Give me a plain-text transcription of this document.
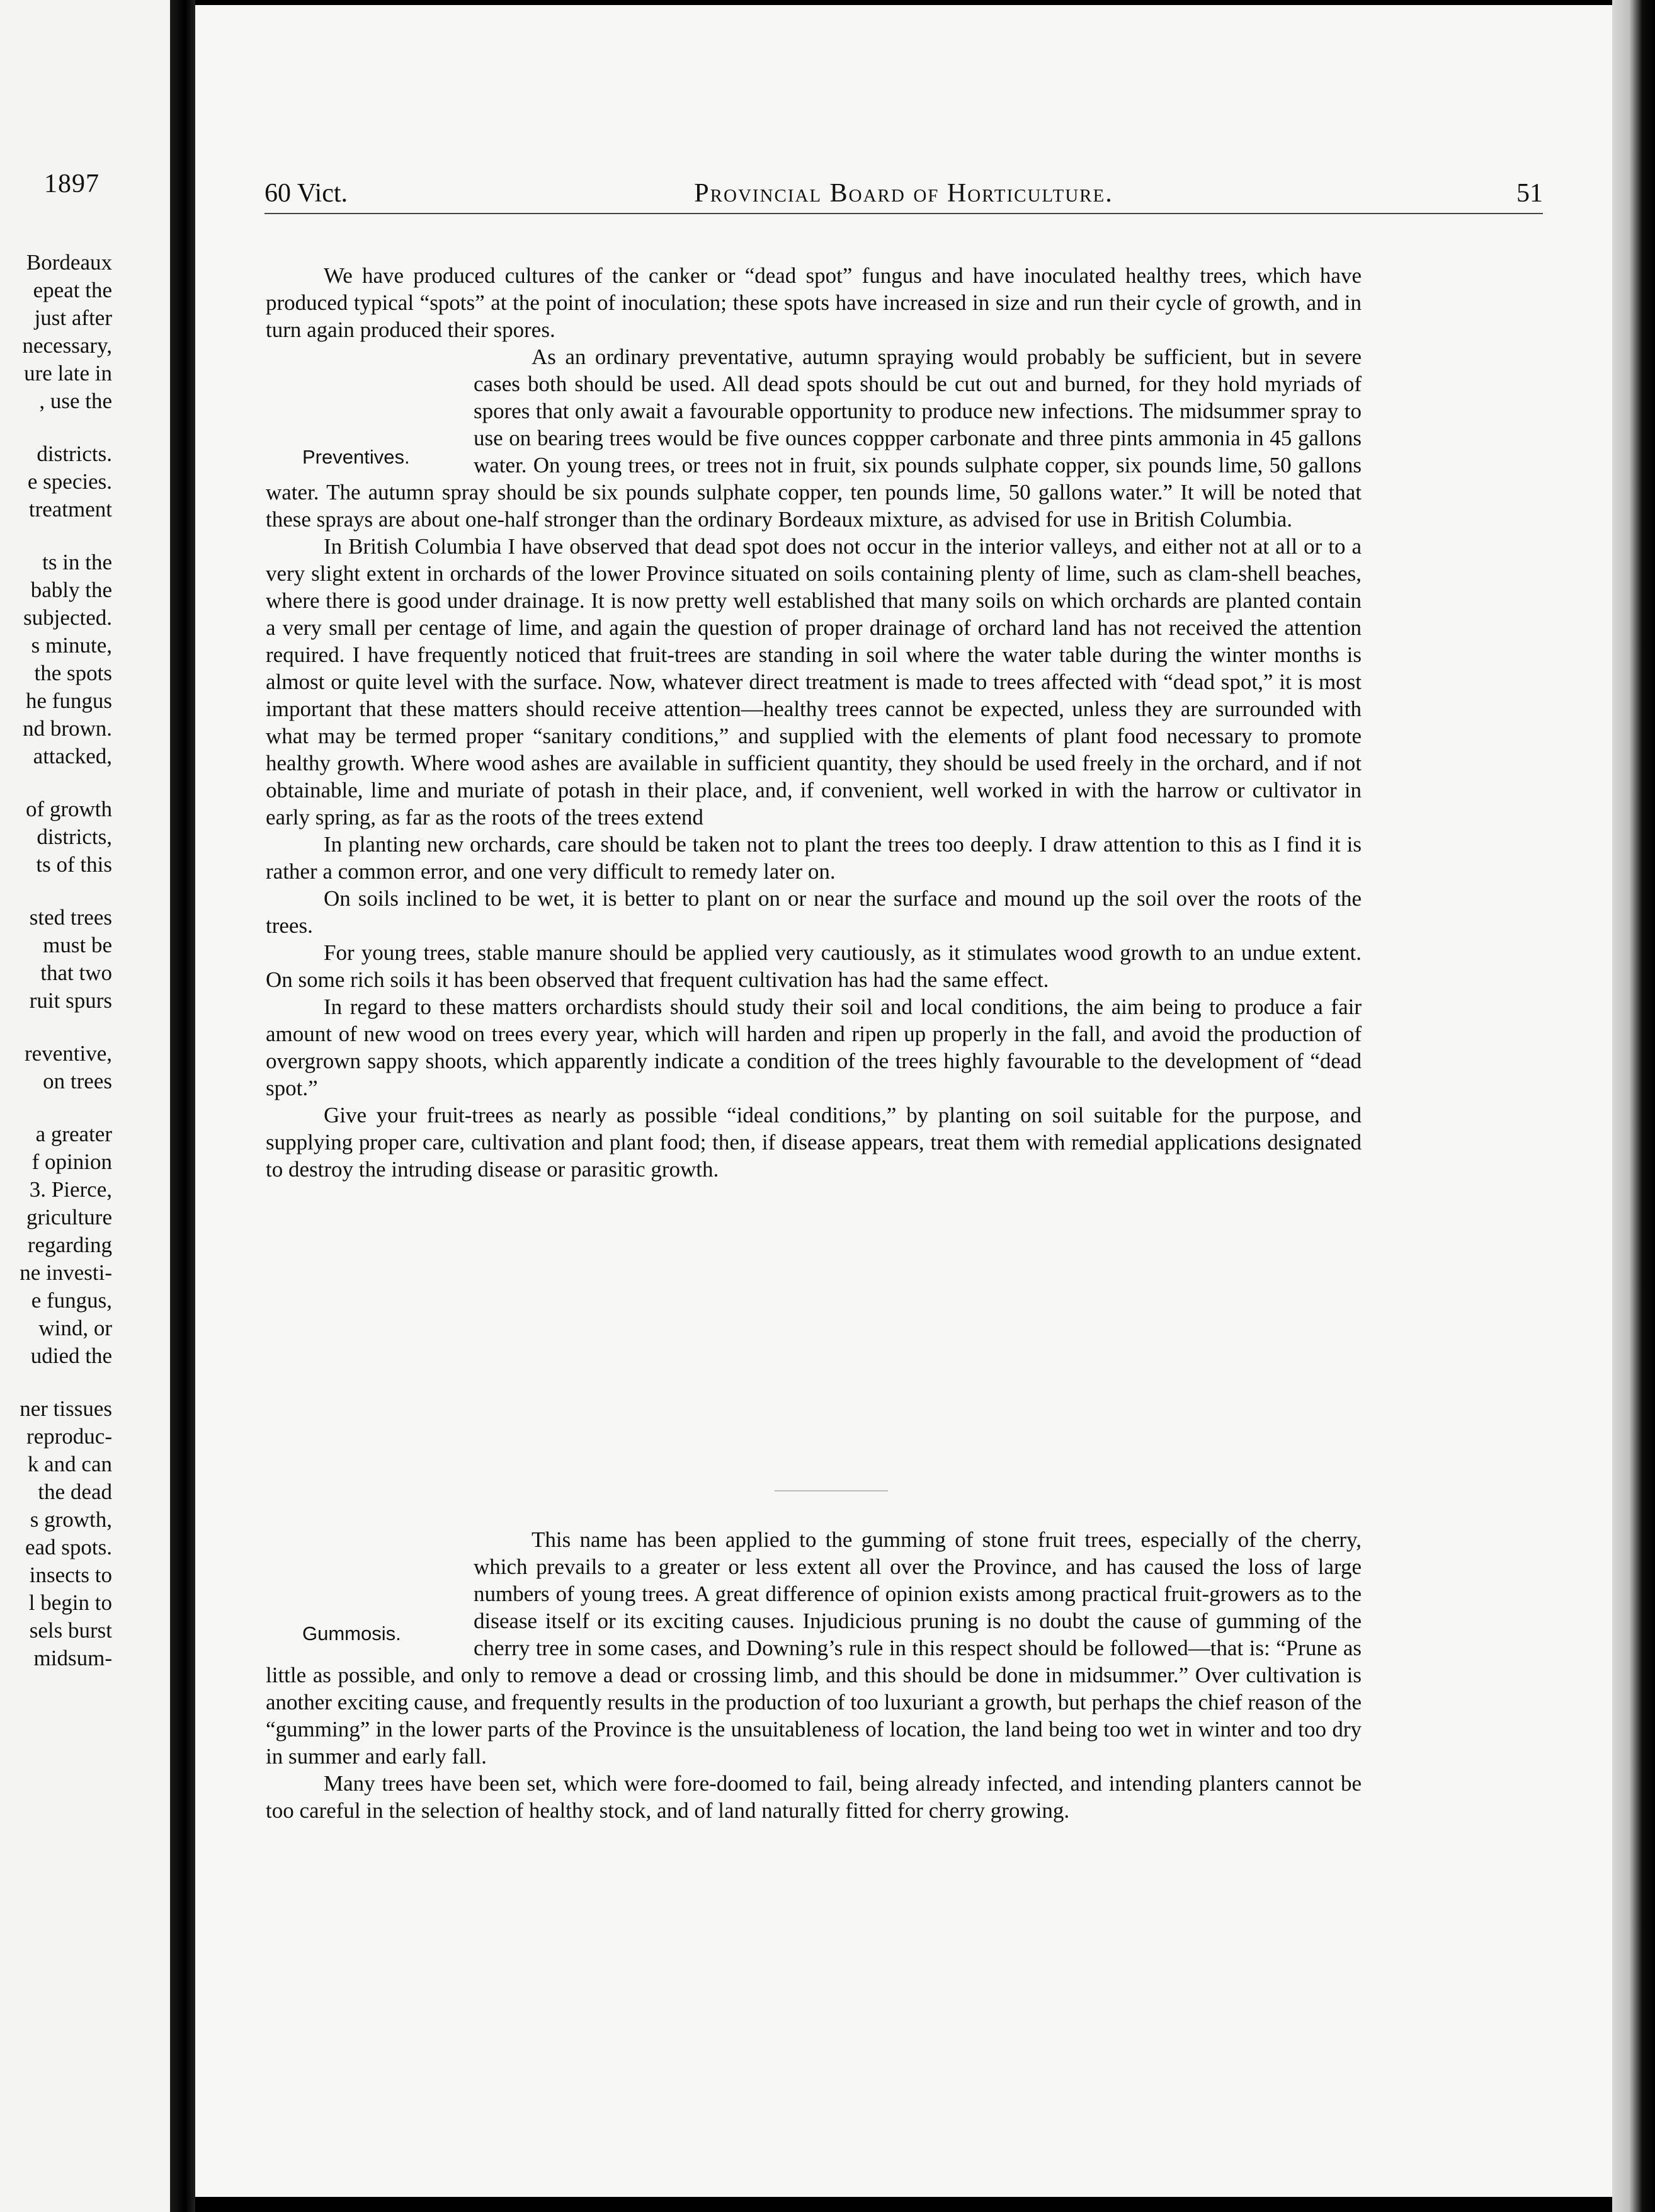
1897
Bordeaux
epeat the
just after
necessary,
ure late in
, use the
districts.
e species.
treatment
ts in the
bably the
subjected.
s minute,
the spots
he fungus
nd brown.
attacked,
of growth
districts,
ts of this
sted trees
must be
that two
ruit spurs
reventive,
on trees
a greater
f opinion
3. Pierce,
griculture
regarding
ne investi-
e fungus,
wind, or
udied the
ner tissues
reproduc-
k and can
the dead
s growth,
ead spots.
insects to
l begin to
sels burst
midsum-
60 Vict.	Provincial Board of Horticulture.	51
Preventives.

We have produced cultures of the canker or “dead spot” fungus and have inoculated healthy trees, which have produced typical “spots” at the point of inoculation; these spots have increased in size and run their cycle of growth, and in turn again produced their spores.

As an ordinary preventative, autumn spraying would probably be sufficient, but in severe cases both should be used. All dead spots should be cut out and burned, for they hold myriads of spores that only await a favourable opportunity to produce new infections. The midsummer spray to use on bearing trees would be five ounces coppper carbonate and three pints ammonia in 45 gallons water. On young trees, or trees not in fruit, six pounds sulphate copper, six pounds lime, 50 gallons water. The autumn spray should be six pounds sulphate copper, ten pounds lime, 50 gallons water.” It will be noted that these sprays are about one-half stronger than the ordinary Bordeaux mixture, as advised for use in British Columbia.

In British Columbia I have observed that dead spot does not occur in the interior valleys, and either not at all or to a very slight extent in orchards of the lower Province situated on soils containing plenty of lime, such as clam-shell beaches, where there is good under drainage. It is now pretty well established that many soils on which orchards are planted contain a very small per centage of lime, and again the question of proper drainage of orchard land has not received the attention required. I have frequently noticed that fruit-trees are standing in soil where the water table during the winter months is almost or quite level with the surface. Now, whatever direct treatment is made to trees affected with “dead spot,” it is most important that these matters should receive attention—healthy trees cannot be expected, unless they are surrounded with what may be termed proper “sanitary conditions,” and supplied with the elements of plant food necessary to promote healthy growth. Where wood ashes are available in sufficient quantity, they should be used freely in the orchard, and if not obtainable, lime and muriate of potash in their place, and, if convenient, well worked in with the harrow or cultivator in early spring, as far as the roots of the trees extend

In planting new orchards, care should be taken not to plant the trees too deeply. I draw attention to this as I find it is rather a common error, and one very difficult to remedy later on.

On soils inclined to be wet, it is better to plant on or near the surface and mound up the soil over the roots of the trees.

For young trees, stable manure should be applied very cautiously, as it stimulates wood growth to an undue extent. On some rich soils it has been observed that frequent cultivation has had the same effect.

In regard to these matters orchardists should study their soil and local conditions, the aim being to produce a fair amount of new wood on trees every year, which will harden and ripen up properly in the fall, and avoid the production of overgrown sappy shoots, which apparently indicate a condition of the trees highly favourable to the development of “dead spot.”

Give your fruit-trees as nearly as possible “ideal conditions,” by planting on soil suitable for the purpose, and supplying proper care, cultivation and plant food; then, if disease appears, treat them with remedial applications designated to destroy the intruding disease or parasitic growth.

Gummosis.

This name has been applied to the gumming of stone fruit trees, especially of the cherry, which prevails to a greater or less extent all over the Province, and has caused the loss of large numbers of young trees. A great difference of opinion exists among practical fruit-growers as to the disease itself or its exciting causes. Injudicious pruning is no doubt the cause of gumming of the cherry tree in some cases, and Downing’s rule in this respect should be followed—that is: “Prune as little as possible, and only to remove a dead or crossing limb, and this should be done in midsummer.” Over cultivation is another exciting cause, and frequently results in the production of too luxuriant a growth, but perhaps the chief reason of the “gumming” in the lower parts of the Province is the unsuitableness of location, the land being too wet in winter and too dry in summer and early fall.

Many trees have been set, which were fore-doomed to fail, being already infected, and intending planters cannot be too careful in the selection of healthy stock, and of land naturally fitted for cherry growing.
